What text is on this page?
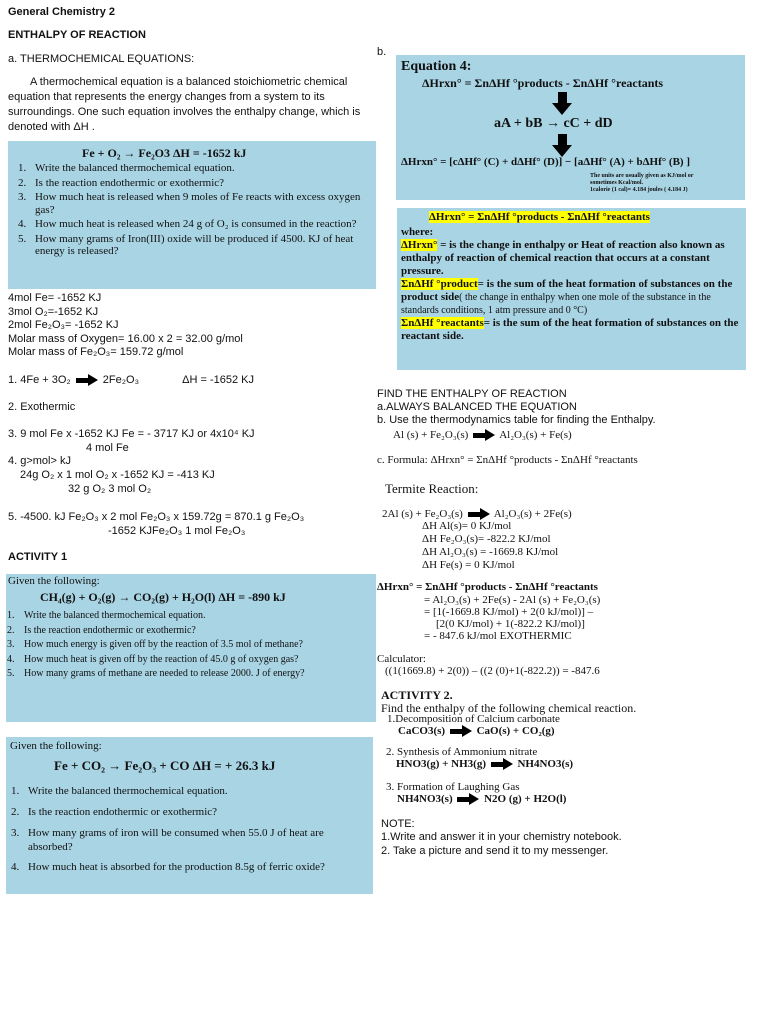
General Chemistry 2
ENTHALPY OF REACTION
a. THERMOCHEMICAL EQUATIONS:
A thermochemical equation is a balanced stoichiometric chemical equation that represents the energy changes from a system to its surroundings. One such equation involves the enthalpy change, which is denoted with ΔH .
Fe + O₂ → Fe₂O3 ΔH = -1652 kJ
1. Write the balanced thermochemical equation.
2. Is the reaction endothermic or exothermic?
3. How much heat is released when 9 moles of Fe reacts with excess oxygen gas?
4. How much heat is released when 24 g of O₂ is consumed in the reaction?
5. How many grams of Iron(III) oxide will be produced if 4500. KJ of heat energy is released?
4mol Fe= -1652 KJ
3mol O₂=-1652 KJ
2mol Fe₂O₃= -1652 KJ
Molar mass of Oxygen= 16.00 x 2 = 32.00 g/mol
Molar mass of Fe₂O₃= 159.72 g/mol
1. 4Fe + 3O₂	2Fe₂O₃	ΔH = -1652 KJ
2. Exothermic
3. 9 mol Fe x -1652 KJ Fe = - 3717 KJ or 4x10⁴ KJ
4 mol Fe
4. g>mol> kJ
24g O₂ x 1 mol O₂ x -1652 KJ = -413 KJ
32 g O₂ 3 mol O₂
5. -4500. kJ Fe₂O₃ x 2 mol Fe₂O₃ x 159.72g = 870.1 g Fe₂O₃
-1652 KJFe₂O₃ 1 mol Fe₂O₃
ACTIVITY 1
Given the following:
CH₄(g) + O₂(g) → CO₂(g) + H₂O(l) ΔH = -890 kJ
1. Write the balanced thermochemical equation.
2. Is the reaction endothermic or exothermic?
3. How much energy is given off by the reaction of 3.5 mol of methane?
4. How much heat is given off by the reaction of 45.0 g of oxygen gas?
5. How many grams of methane are needed to release 2000. J of energy?
Given the following:
Fe + CO₂ → Fe₂O₃ + CO ΔH = + 26.3 kJ
1. Write the balanced thermochemical equation.
2. Is the reaction endothermic or exothermic?
3. How many grams of iron will be consumed when 55.0 J of heat are absorbed?
4. How much heat is absorbed for the production 8.5g of ferric oxide?
b.
Equation 4:
ΔHrxn° = ΣnΔHf °products - ΣnΔHf °reactants
aA + bB → cC + dD
ΔHrxn° = [cΔHf° (C) + dΔHf° (D)] − [aΔHf° (A) + bΔHf° (B) ]
The units are usually given as KJ/mol or
sometimes Kcal/mol.
1calorie (1 cal)= 4.184 joules ( 4.184 J)
ΔHrxn° = ΣnΔHf °products - ΣnΔHf °reactants
where:
ΔHrxn° = is the change in enthalpy or Heat of reaction also known as enthalpy of reaction of chemical reaction that occurs at a constant pressure.
ΣnΔHf °product= is the sum of the heat formation of substances on the product side( the change in enthalpy when one mole of the substance in the standards conditions, 1 atm pressure and 0 °C)
ΣnΔHf °reactants= is the sum of the heat formation of substances on the reactant side.
FIND THE ENTHALPY OF REACTION
a.ALWAYS BALANCED THE EQUATION
b. Use the thermodynamics table for finding the Enthalpy.
Al (s) + Fe₂O₃(s)	Al₂O₃(s) + Fe(s)
c. Formula: ΔHrxn° = ΣnΔHf °products - ΣnΔHf °reactants
Termite Reaction:
2Al (s) + Fe₂O₃(s)	Al₂O₃(s) + 2Fe(s)
ΔH Al(s)= 0 KJ/mol
ΔH Fe₂O₃(s)= -822.2 KJ/mol
ΔH Al₂O₃(s) = -1669.8 KJ/mol
ΔH Fe(s) = 0 KJ/mol
ΔHrxn° = ΣnΔHf °products - ΣnΔHf °reactants
= Al₂O₃(s) + 2Fe(s) - 2Al (s) + Fe₂O₃(s)
= [1(-1669.8 KJ/mol) + 2(0 kJ/mol)] –
[2(0 KJ/mol) + 1(-822.2 KJ/mol)]
= - 847.6 kJ/mol EXOTHERMIC
Calculator:
((1(1669.8) + 2(0)) – ((2 (0)+1(-822.2)) = -847.6
ACTIVITY 2.
Find the enthalpy of the following chemical reaction.
1.Decomposition of Calcium carbonate
CaCO3(s)	CaO(s) + CO₂(g)
2. Synthesis of Ammonium nitrate
HNO3(g) + NH3(g)	NH4NO3(s)
3. Formation of Laughing Gas
NH4NO3(s)	N2O (g) + H2O(l)
NOTE:
1.Write and answer it in your chemistry notebook.
2. Take a picture and send it to my messenger.
